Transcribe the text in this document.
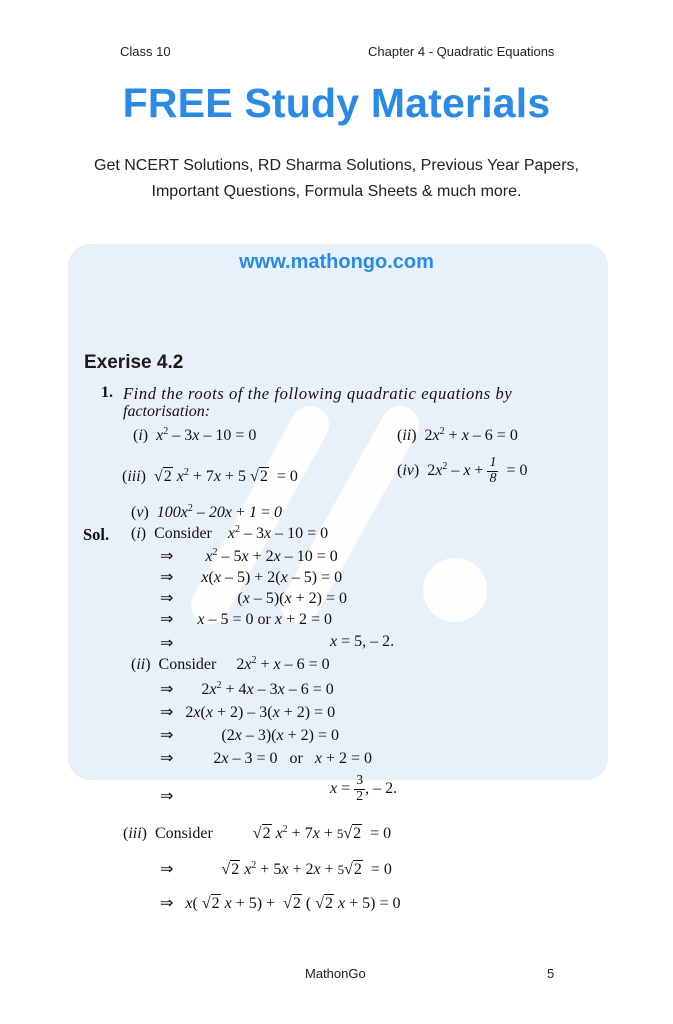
Class 10	Chapter 4 - Quadratic Equations
FREE Study Materials
Get NCERT Solutions, RD Sharma Solutions, Previous Year Papers,
Important Questions, Formula Sheets & much more.
www.mathongo.com
Exerise 4.2
1. Find the roots of the following quadratic equations by
factorisation:
(i)  $x^2 - 3x - 10 = 0$	(ii)  $2x^2 + x - 6 = 0$
(iii)  √2 $x^2 + 7x + 5$ √2  = 0	(iv)  $2x^2 - x + \frac{1}{8} = 0$
(v)  $100x^2 - 20x + 1 = 0$
Sol. (i)  Consider    $x^2 - 3x - 10 = 0$
⇒ $x^2 - 5x + 2x - 10 = 0$
⇒ x(x – 5) + 2(x – 5) = 0
⇒                (x – 5)(x + 2) = 0
⇒ x – 5 = 0 or x + 2 = 0
⇒	x = 5, – 2.
(ii)  Consider     $2x^2 + x - 6 = 0$
⇒       $2x^2 + 4x - 3x - 6 = 0$
⇒   2x(x + 2) – 3(x + 2) = 0
⇒            (2x – 3)(x + 2) = 0
⇒          2x – 3 = 0   or   x + 2 = 0
⇒	$x = \frac{3}{2}$ , – 2.
(iii)  Consider          √2 $x^2 + 7x + 5√2 = 0$
⇒            √2 $x^2 + 5x + 2x + 5√2 = 0$
⇒ x( √2 x + 5) +  √2 ( √2 x + 5) = 0
MathonGo	5
